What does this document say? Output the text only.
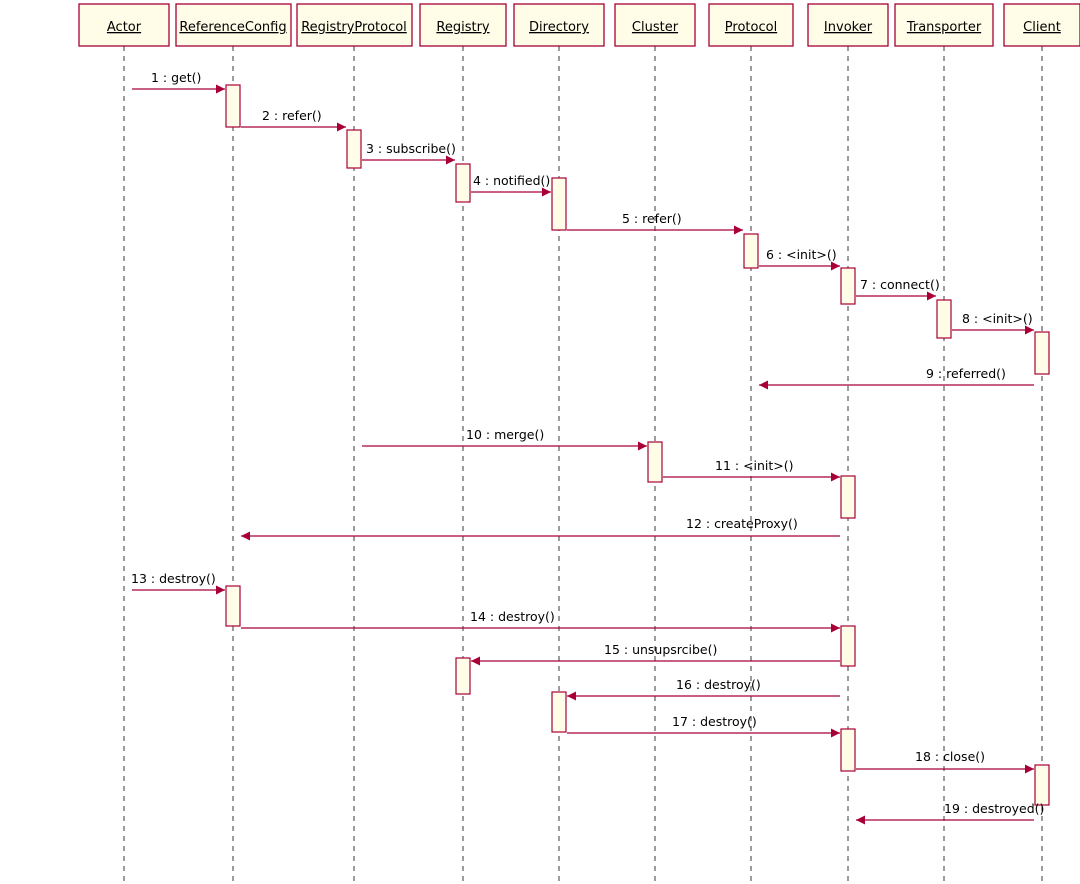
Actor	ReferenceConfig RegistryProtocol Registry	Directory	Cluster	Protocol	Invoker	Transporter	Client
1 : get()
2 : refer()
3 : subscribe()
4 : notified()
5 : refer()
6 : <init>()
7 : connect()
8 : <init>()
9 : referred()
10 : merge()
11 : <init>()
12 : createProxy()
13 : destroy()
14 : destroy()
15 : unsupsrcibe()
16 : destroy()
17 : destroy()
18 : close()
19 : destroyed()
